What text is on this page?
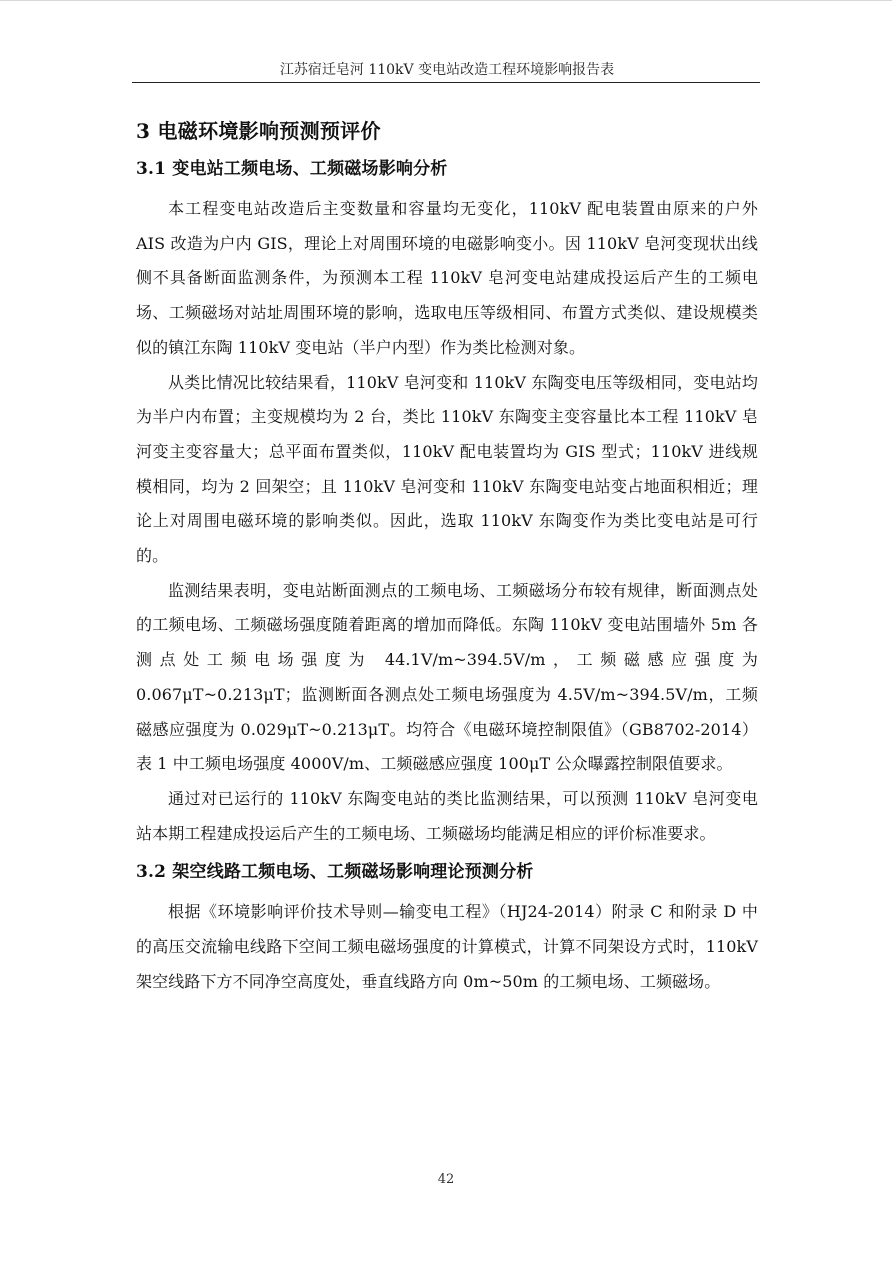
江苏宿迁皂河 110kV 变电站改造工程环境影响报告表
3 电磁环境影响预测预评价
3.1 变电站工频电场、工频磁场影响分析

本工程变电站改造后主变数量和容量均无变化，110kV 配电装置由原来的户外 AIS 改造为户内 GIS，理论上对周围环境的电磁影响变小。因 110kV 皂河变现状出线侧不具备断面监测条件，为预测本工程 110kV 皂河变电站建成投运后产生的工频电场、工频磁场对站址周围环境的影响，选取电压等级相同、布置方式类似、建设规模类似的镇江东陶 110kV 变电站（半户内型）作为类比检测对象。

从类比情况比较结果看，110kV 皂河变和 110kV 东陶变电压等级相同，变电站均为半户内布置；主变规模均为 2 台，类比 110kV 东陶变主变容量比本工程 110kV 皂河变主变容量大；总平面布置类似，110kV 配电装置均为 GIS 型式；110kV 进线规模相同，均为 2 回架空；且 110kV 皂河变和 110kV 东陶变电站变占地面积相近；理论上对周围电磁环境的影响类似。因此，选取 110kV 东陶变作为类比变电站是可行的。

监测结果表明，变电站断面测点的工频电场、工频磁场分布较有规律，断面测点处的工频电场、工频磁场强度随着距离的增加而降低。东陶 110kV 变电站围墙外 5m 各测点处工频电场强度为 44.1V/m~394.5V/m，工频磁感应强度为 0.067μT~0.213μT；监测断面各测点处工频电场强度为 4.5V/m~394.5V/m，工频磁感应强度为 0.029μT~0.213μT。均符合《电磁环境控制限值》（GB8702-2014）表 1 中工频电场强度 4000V/m、工频磁感应强度 100μT 公众曝露控制限值要求。

通过对已运行的 110kV 东陶变电站的类比监测结果，可以预测 110kV 皂河变电站本期工程建成投运后产生的工频电场、工频磁场均能满足相应的评价标准要求。

3.2 架空线路工频电场、工频磁场影响理论预测分析

根据《环境影响评价技术导则—输变电工程》（HJ24-2014）附录 C 和附录 D 中的高压交流输电线路下空间工频电磁场强度的计算模式，计算不同架设方式时，110kV 架空线路下方不同净空高度处，垂直线路方向 0m~50m 的工频电场、工频磁场。

42
